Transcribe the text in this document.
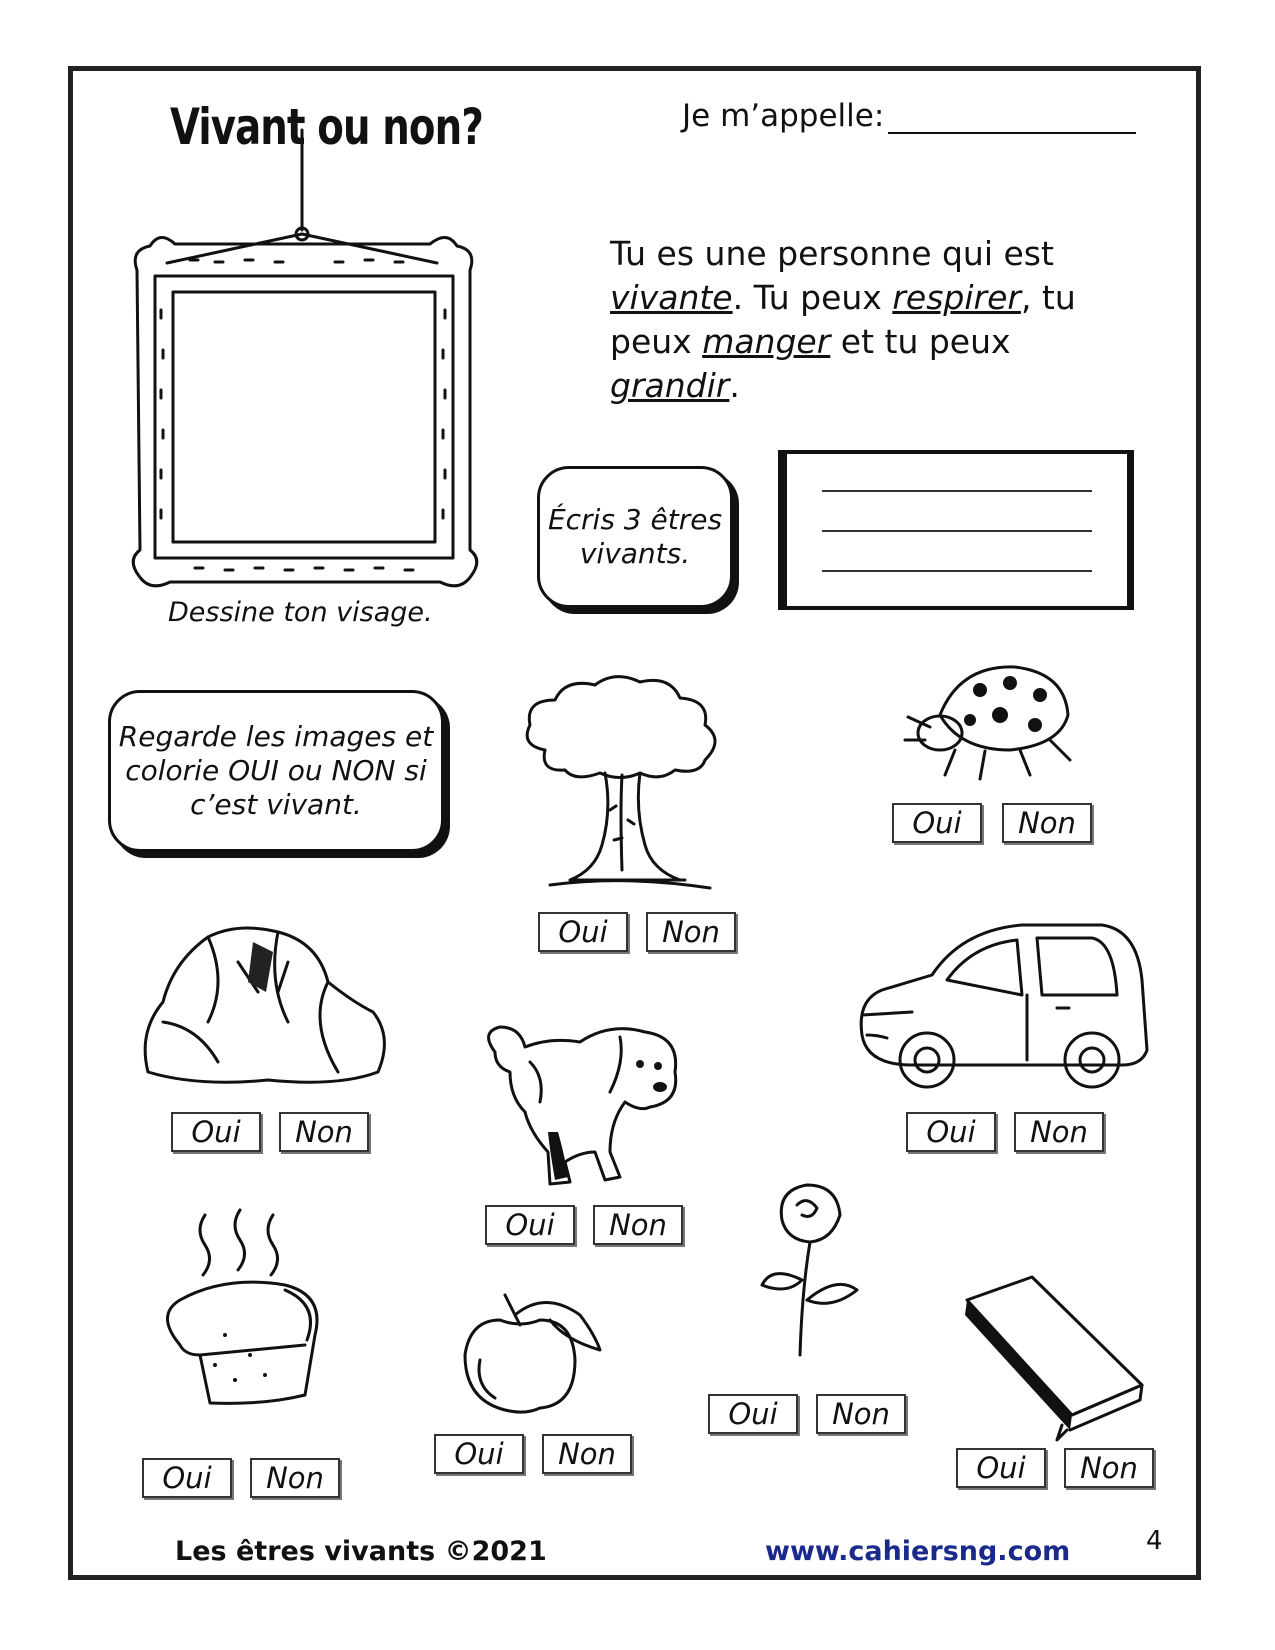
Vivant ou non?	Je m’appelle:
Dessine ton visage.
Tu es une personne qui est vivante. Tu peux respirer, tu peux manger et tu peux grandir.
Écris 3 êtres vivants.
Regarde les images et colorie OUI ou NON si c’est vivant.
Oui	Non
Oui	Non
Oui	Non
Oui	Non
Oui	Non
Oui	Non
Oui	Non
Oui	Non
Oui	Non
Les êtres vivants ©2021	www.cahiersng.com	4
